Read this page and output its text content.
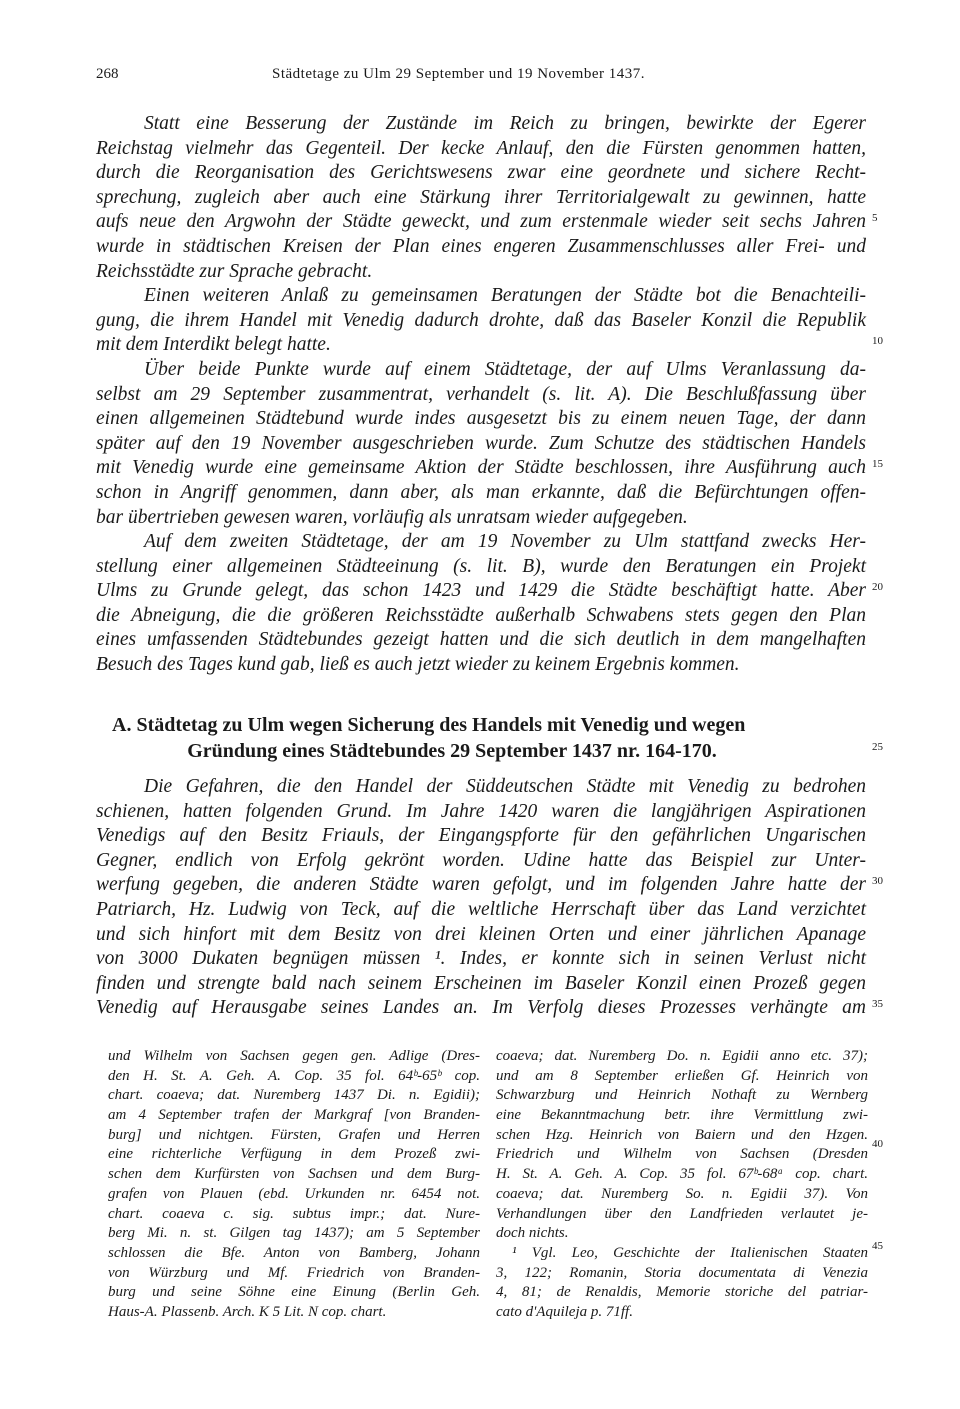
268	Städtetage zu Ulm 29 September und 19 November 1437.
Statt eine Besserung der Zustände im Reich zu bringen, bewirkte der Egerer
Reichstag vielmehr das Gegenteil. Der kecke Anlauf, den die Fürsten genommen hatten,
durch die Reorganisation des Gerichtswesens zwar eine geordnete und sichere Recht-
sprechung, zugleich aber auch eine Stärkung ihrer Territorialgewalt zu gewinnen, hatte
aufs neue den Argwohn der Städte geweckt, und zum erstenmale wieder seit sechs Jahren
wurde in städtischen Kreisen der Plan eines engeren Zusammenschlusses aller Frei- und
Reichsstädte zur Sprache gebracht.
Einen weiteren Anlaß zu gemeinsamen Beratungen der Städte bot die Benachteili-
gung, die ihrem Handel mit Venedig dadurch drohte, daß das Baseler Konzil die Republik
mit dem Interdikt belegt hatte.
Über beide Punkte wurde auf einem Städtetage, der auf Ulms Veranlassung da-
selbst am 29 September zusammentrat, verhandelt (s. lit. A). Die Beschlußfassung über
einen allgemeinen Städtebund wurde indes ausgesetzt bis zu einem neuen Tage, der dann
später auf den 19 November ausgeschrieben wurde. Zum Schutze des städtischen Handels
mit Venedig wurde eine gemeinsame Aktion der Städte beschlossen, ihre Ausführung auch
schon in Angriff genommen, dann aber, als man erkannte, daß die Befürchtungen offen-
bar übertrieben gewesen waren, vorläufig als unratsam wieder aufgegeben.
Auf dem zweiten Städtetage, der am 19 November zu Ulm stattfand zwecks Her-
stellung einer allgemeinen Städteeinung (s. lit. B), wurde den Beratungen ein Projekt
Ulms zu Grunde gelegt, das schon 1423 und 1429 die Städte beschäftigt hatte. Aber
die Abneigung, die die größeren Reichsstädte außerhalb Schwabens stets gegen den Plan
eines umfassenden Städtebundes gezeigt hatten und die sich deutlich in dem mangelhaften
Besuch des Tages kund gab, ließ es auch jetzt wieder zu keinem Ergebnis kommen.
A. Städtetag zu Ulm wegen Sicherung des Handels mit Venedig und wegen
Gründung eines Städtebundes 29 September 1437 nr. 164-170.
Die Gefahren, die den Handel der Süddeutschen Städte mit Venedig zu bedrohen
schienen, hatten folgenden Grund. Im Jahre 1420 waren die langjährigen Aspirationen
Venedigs auf den Besitz Friauls, der Eingangspforte für den gefährlichen Ungarischen
Gegner, endlich von Erfolg gekrönt worden. Udine hatte das Beispiel zur Unter-
werfung gegeben, die anderen Städte waren gefolgt, und im folgenden Jahre hatte der
Patriarch, Hz. Ludwig von Teck, auf die weltliche Herrschaft über das Land verzichtet
und sich hinfort mit dem Besitz von drei kleinen Orten und einer jährlichen Apanage
von 3000 Dukaten begnügen müssen ¹. Indes, er konnte sich in seinen Verlust nicht
finden und strengte bald nach seinem Erscheinen im Baseler Konzil einen Prozeß gegen
Venedig auf Herausgabe seines Landes an. Im Verfolg dieses Prozesses verhängte am
und Wilhelm von Sachsen gegen gen. Adlige (Dres-
den H. St. A. Geh. A. Cop. 35 fol. 64ᵇ-65ᵇ cop.
chart. coaeva; dat. Nuremberg 1437 Di. n. Egidii);
am 4 September trafen der Markgraf [von Branden-
burg] und nichtgen. Fürsten, Grafen und Herren
eine richterliche Verfügung in dem Prozeß zwi-
schen dem Kurfürsten von Sachsen und dem Burg-
grafen von Plauen (ebd. Urkunden nr. 6454 not.
chart. coaeva c. sig. subtus impr.; dat. Nure-
berg Mi. n. st. Gilgen tag 1437); am 5 September
schlossen die Bfe. Anton von Bamberg, Johann
von Würzburg und Mf. Friedrich von Branden-
burg und seine Söhne eine Einung (Berlin Geh.
Haus-A. Plassenb. Arch. K 5 Lit. N cop. chart.
coaeva; dat. Nuremberg Do. n. Egidii anno etc. 37);
und am 8 September erließen Gf. Heinrich von
Schwarzburg und Heinrich Nothaft zu Wernberg
eine Bekanntmachung betr. ihre Vermittlung zwi-
schen Hzg. Heinrich von Baiern und den Hzgen.
Friedrich und Wilhelm von Sachsen (Dresden
H. St. A. Geh. A. Cop. 35 fol. 67ᵇ-68ᵃ cop. chart.
coaeva; dat. Nuremberg So. n. Egidii 37). Von
Verhandlungen über den Landfrieden verlautet je-
doch nichts.
¹ Vgl. Leo, Geschichte der Italienischen Staaten
3, 122; Romanin, Storia documentata di Venezia
4, 81; de Renaldis, Memorie storiche del patriar-
cato d'Aquileja p. 71ff.
5
10
15
20
25
30
35
40
45
